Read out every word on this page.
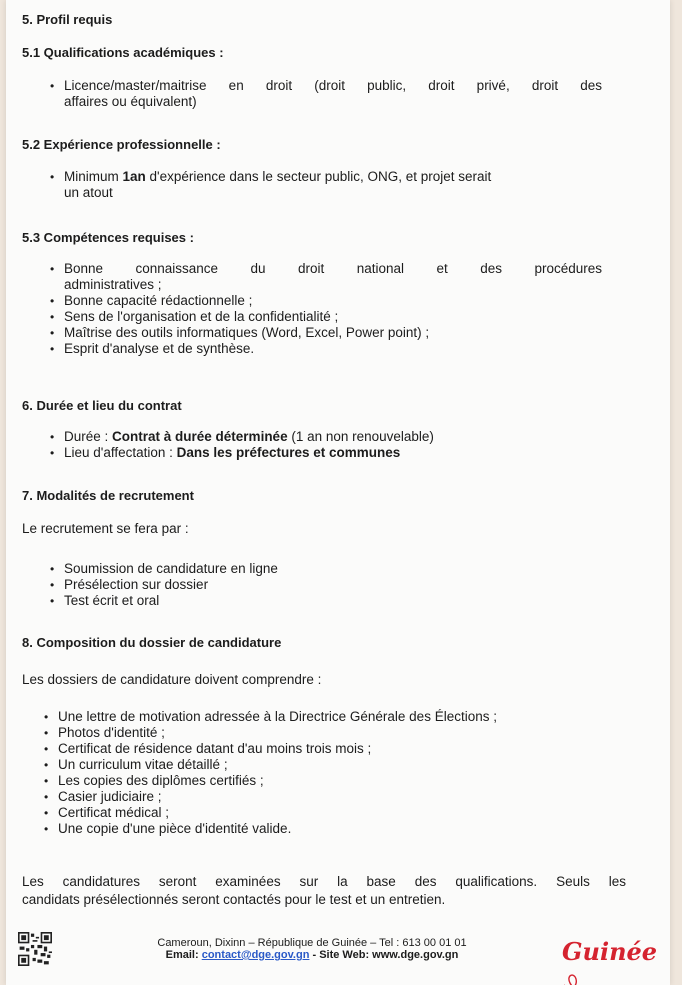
5. Profil requis

5.1 Qualifications académiques :

• Licence/master/maitrise en droit (droit public, droit privé, droit des
affaires ou équivalent)

5.2 Expérience professionnelle :

• Minimum 1an d'expérience dans le secteur public, ONG, et projet serait
un atout

5.3 Compétences requises :

• Bonne connaissance du droit national et des procédures
administratives ;
• Bonne capacité rédactionnelle ;
• Sens de l'organisation et de la confidentialité ;
• Maîtrise des outils informatiques (Word, Excel, Power point) ;
• Esprit d'analyse et de synthèse.

6. Durée et lieu du contrat

• Durée : Contrat à durée déterminée (1 an non renouvelable)
• Lieu d'affectation : Dans les préfectures et communes

7. Modalités de recrutement

Le recrutement se fera par :

• Soumission de candidature en ligne
• Présélection sur dossier
• Test écrit et oral

8. Composition du dossier de candidature

Les dossiers de candidature doivent comprendre :

• Une lettre de motivation adressée à la Directrice Générale des Élections ;
• Photos d'identité ;
• Certificat de résidence datant d'au moins trois mois ;
• Un curriculum vitae détaillé ;
• Les copies des diplômes certifiés ;
• Casier judiciaire ;
• Certificat médical ;
• Une copie d'une pièce d'identité valide.
Les candidatures seront examinées sur la base des qualifications. Seuls les
candidats présélectionnés seront contactés pour le test et un entretien.
Cameroun, Dixinn – République de Guinée – Tel : 613 00 01 01
Email: contact@dge.gov.gn - Site Web: www.dge.gov.gn	Guinée
